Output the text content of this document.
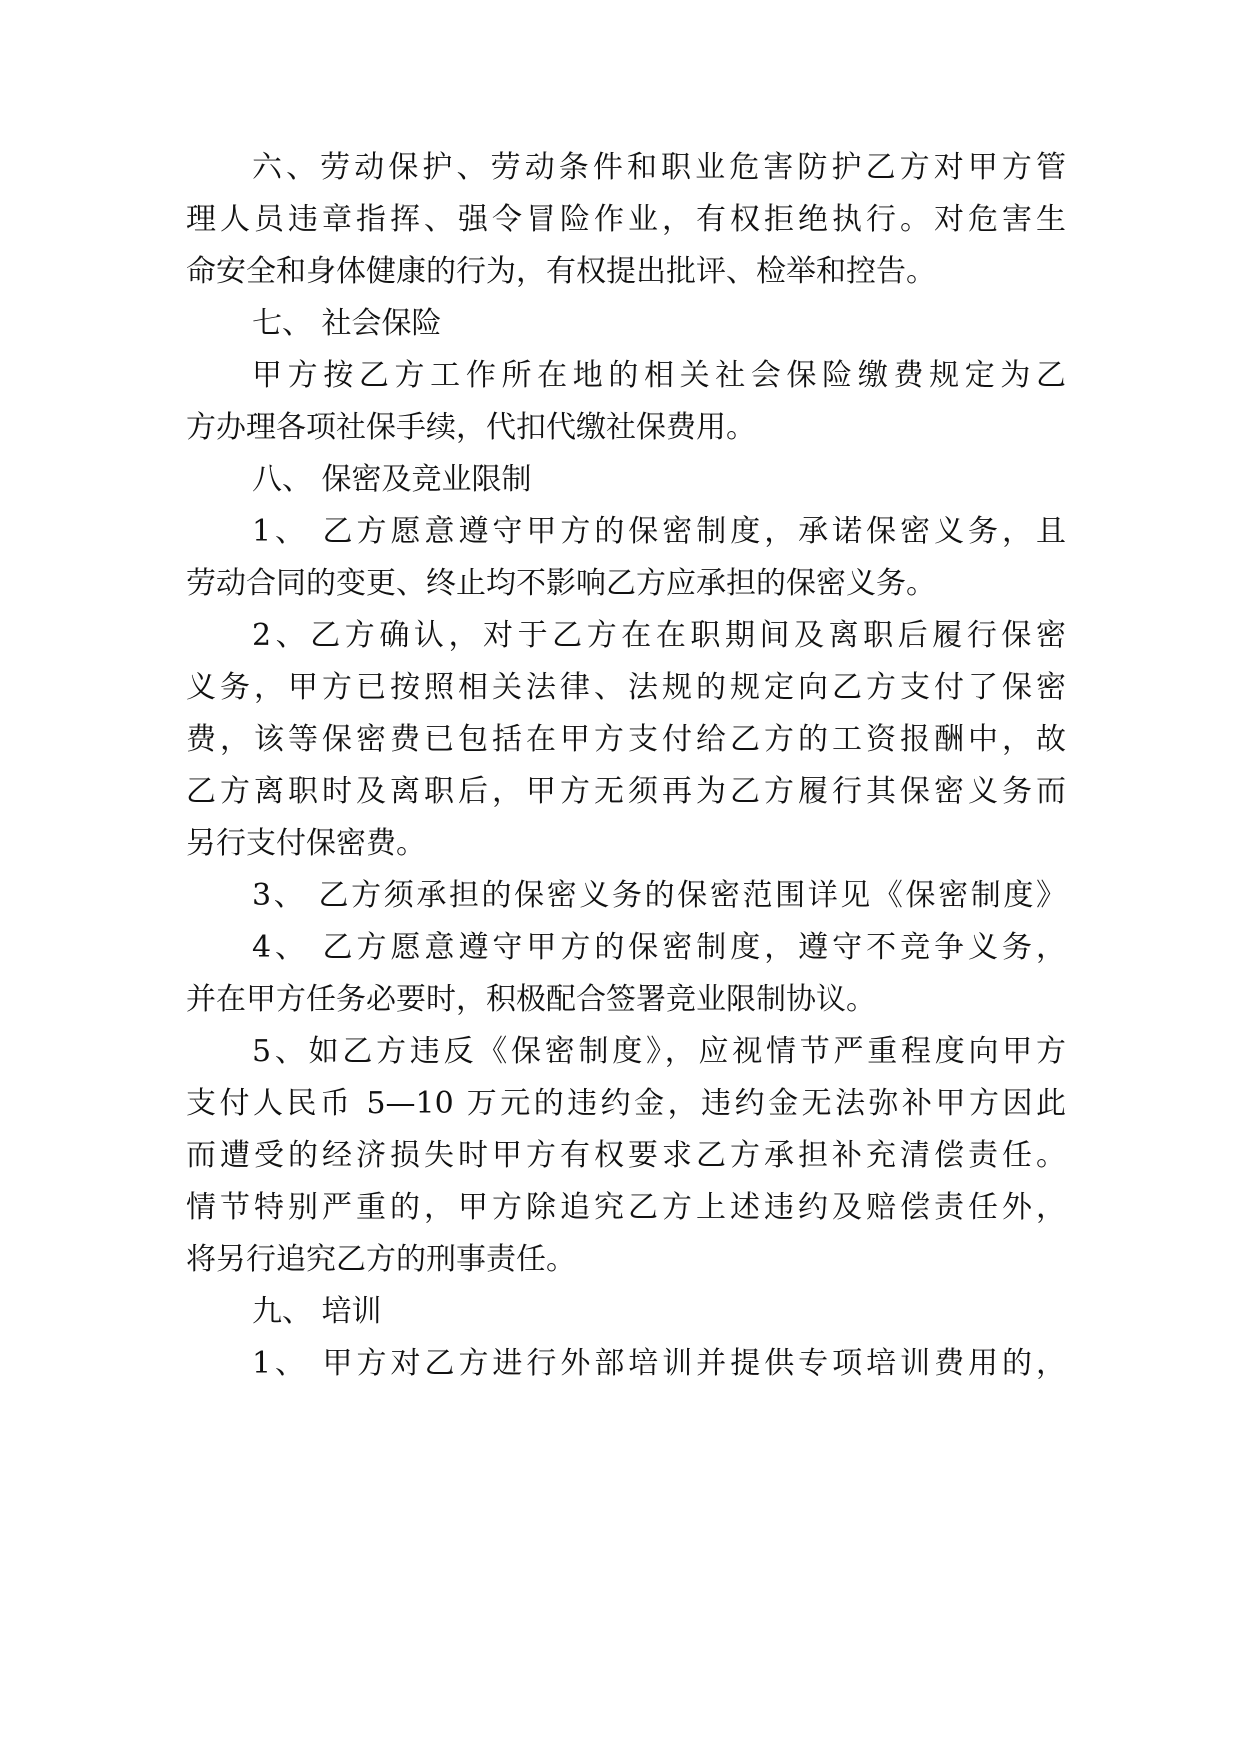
六、劳动保护、劳动条件和职业危害防护乙方对甲方管
理人员违章指挥、强令冒险作业，有权拒绝执行。对危害生
命安全和身体健康的行为，有权提出批评、检举和控告。
七、 社会保险
甲方按乙方工作所在地的相关社会保险缴费规定为乙
方办理各项社保手续，代扣代缴社保费用。
八、 保密及竞业限制
1、 乙方愿意遵守甲方的保密制度，承诺保密义务，且
劳动合同的变更、终止均不影响乙方应承担的保密义务。
2、乙方确认，对于乙方在在职期间及离职后履行保密
义务，甲方已按照相关法律、法规的规定向乙方支付了保密
费，该等保密费已包括在甲方支付给乙方的工资报酬中，故
乙方离职时及离职后，甲方无须再为乙方履行其保密义务而
另行支付保密费。
3、 乙方须承担的保密义务的保密范围详见《保密制度》
4、 乙方愿意遵守甲方的保密制度，遵守不竞争义务，
并在甲方任务必要时，积极配合签署竞业限制协议。
5、如乙方违反《保密制度》，应视情节严重程度向甲方
支付人民币 5—10 万元的违约金，违约金无法弥补甲方因此
而遭受的经济损失时甲方有权要求乙方承担补充清偿责任。
情节特别严重的，甲方除追究乙方上述违约及赔偿责任外，
将另行追究乙方的刑事责任。
九、 培训
1、 甲方对乙方进行外部培训并提供专项培训费用的，
